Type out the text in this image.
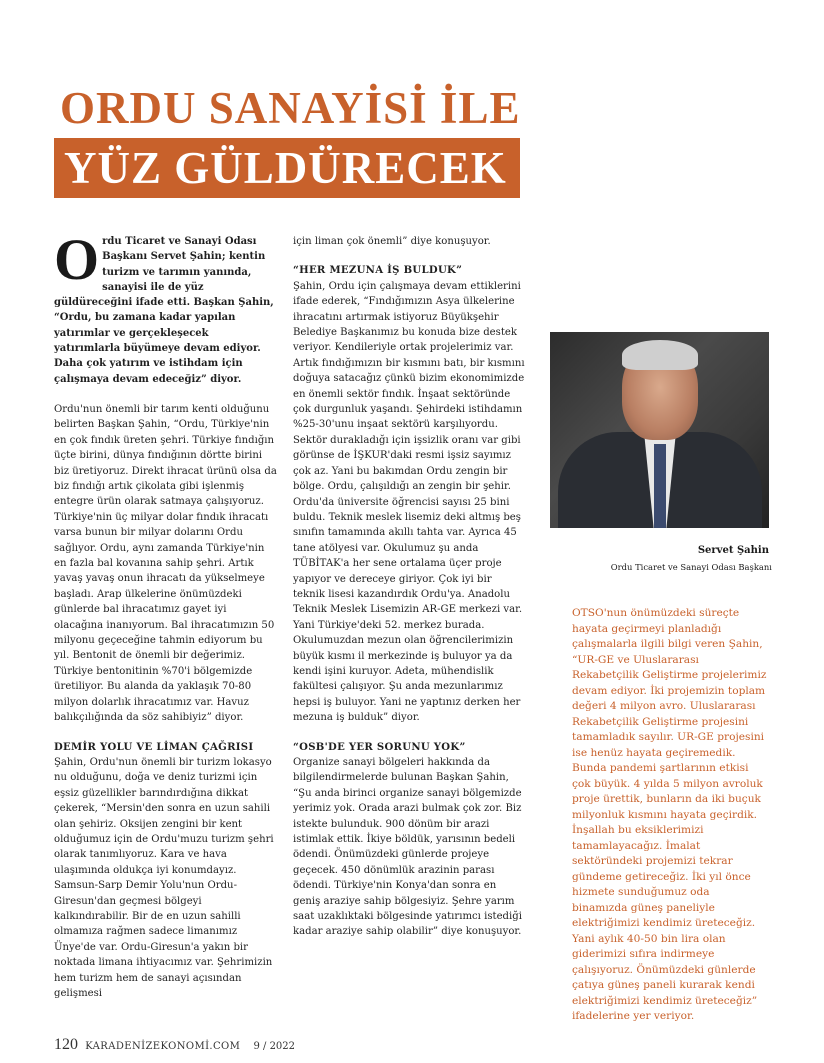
ORDU SANAYİSİ İLE
YÜZ GÜLDÜRECEK

O rdu Ticaret ve Sanayi Odası Başkanı Servet Şahin; kentin turizm ve tarımın yanında, sanayisi ile de yüz güldüreceğini ifade etti. Başkan Şahin, “Ordu, bu zamana kadar yapılan yatırımlar ve gerçekleşecek yatırımlarla büyümeye devam ediyor. Daha çok yatırım ve istihdam için çalışmaya devam edeceğiz” diyor.

Ordu'nun önemli bir tarım kenti olduğunu belirten Başkan Şahin, “Ordu, Türkiye'nin en çok fındık üreten şehri. Türkiye fındığın üçte birini, dünya fındığının dörtte birini biz üretiyoruz. Direkt ihracat ürünü olsa da biz fındığı artık çikolata gibi işlenmiş entegre ürün olarak satmaya çalışıyoruz. Türkiye'nin üç milyar dolar fındık ihracatı varsa bunun bir milyar dolarını Ordu sağlıyor. Ordu, aynı zamanda Türkiye'nin en fazla bal kovanına sahip şehri. Artık yavaş yavaş onun ihracatı da yükselmeye başladı. Arap ülkelerine önümüzdeki günlerde bal ihracatımız gayet iyi olacağına inanıyorum. Bal ihracatımızın 50 milyonu geçeceğine tahmin ediyorum bu yıl. Bentonit de önemli bir değerimiz. Türkiye bentonitinin %70'i bölgemizde üretiliyor. Bu alanda da yaklaşık 70-80 milyon dolarlık ihracatımız var. Havuz balıkçılığında da söz sahibiyiz” diyor.

DEMİR YOLU VE LİMAN ÇAĞRISI

Şahin, Ordu'nun önemli bir turizm lokasyo nu olduğunu, doğa ve deniz turizmi için eşsiz güzellikler barındırdığına dikkat çekerek, “Mersin'den sonra en uzun sahili olan şehiriz. Oksijen zengini bir kent olduğumuz için de Ordu'muzu turizm şehri olarak tanımlıyoruz. Kara ve hava ulaşımında oldukça iyi konumdayız. Samsun-Sarp Demir Yolu'nun Ordu-Giresun'dan geçmesi bölgeyi kalkındırabilir. Bir de en uzun sahilli olmamıza rağmen sadece limanımız Ünye'de var. Ordu-Giresun'a yakın bir noktada limana ihtiyacımız var. Şehrimizin hem turizm hem de sanayi açısından gelişmesi

için liman çok önemli” diye konuşuyor.

“HER MEZUNA İŞ BULDUK”

Şahin, Ordu için çalışmaya devam ettiklerini ifade ederek, “Fındığımızın Asya ülkelerine ihracatını artırmak istiyoruz Büyükşehir Belediye Başkanımız bu konuda bize destek veriyor. Kendileriyle ortak projelerimiz var. Artık fındığımızın bir kısmını batı, bir kısmını doğuya satacağız çünkü bizim ekonomimizde en önemli sektör fındık. İnşaat sektöründe çok durgunluk yaşandı. Şehirdeki istihdamın %25-30'unu inşaat sektörü karşılıyordu. Sektör durakladığı için işsizlik oranı var gibi görünse de İŞKUR'daki resmi işsiz sayımız çok az. Yani bu bakımdan Ordu zengin bir bölge. Ordu, çalışıldığı an zengin bir şehir. Ordu'da üniversite öğrencisi sayısı 25 bini buldu. Teknik meslek lisemiz deki altmış beş sınıfın tamamında akıllı tahta var. Ayrıca 45 tane atölyesi var. Okulumuz şu anda TÜBİTAK'a her sene ortalama üçer proje yapıyor ve dereceye giriyor. Çok iyi bir teknik lisesi kazandırdık Ordu'ya. Anadolu Teknik Meslek Lisemizin AR-GE merkezi var. Yani Türkiye'deki 52. merkez burada. Okulumuzdan mezun olan öğrencilerimizin büyük kısmı il merkezinde iş buluyor ya da kendi işini kuruyor. Adeta, mühendislik fakültesi çalışıyor. Şu anda mezunlarımız hepsi iş buluyor. Yani ne yaptınız derken her mezuna iş bulduk” diyor.

“OSB'DE YER SORUNU YOK”

Organize sanayi bölgeleri hakkında da bilgilendirmelerde bulunan Başkan Şahin, “Şu anda birinci organize sanayi bölgemizde yerimiz yok. Orada arazi bulmak çok zor. Biz istekte bulunduk. 900 dönüm bir arazi istimlak ettik. İkiye böldük, yarısının bedeli ödendi. Önümüzdeki günlerde projeye geçecek. 450 dönümlük arazinin parası ödendi. Türkiye'nin Konya'dan sonra en geniş araziye sahip bölgesiyiz. Şehre yarım saat uzaklıktaki bölgesinde yatırımcı istediği kadar araziye sahip olabilir” diye konuşuyor.

Servet Şahin
Ordu Ticaret ve Sanayi Odası Başkanı

OTSO'nun önümüzdeki süreçte hayata geçirmeyi planladığı çalışmalarla ilgili bilgi veren Şahin, “UR-GE ve Uluslararası Rekabetçilik Geliştirme projelerimiz devam ediyor. İki projemizin toplam değeri 4 milyon avro. Uluslararası Rekabetçilik Geliştirme projesini tamamladık sayılır. UR-GE projesini ise henüz hayata geçiremedik. Bunda pandemi şartlarının etkisi çok büyük. 4 yılda 5 milyon avroluk proje ürettik, bunların da iki buçuk milyonluk kısmını hayata geçirdik. İnşallah bu eksiklerimizi tamamlayacağız. İmalat sektöründeki projemizi tekrar gündeme getireceğiz. İki yıl önce hizmete sunduğumuz oda binamızda güneş paneliyle elektriğimizi kendimiz üreteceğiz. Yani aylık 40-50 bin lira olan giderimizi sıfıra indirmeye çalışıyoruz. Önümüzdeki günlerde çatıya güneş paneli kurarak kendi elektriğimizi kendimiz üreteceğiz” ifadelerine yer veriyor.

120 KARADENİZEKONOMİ.COM 9 / 2022
